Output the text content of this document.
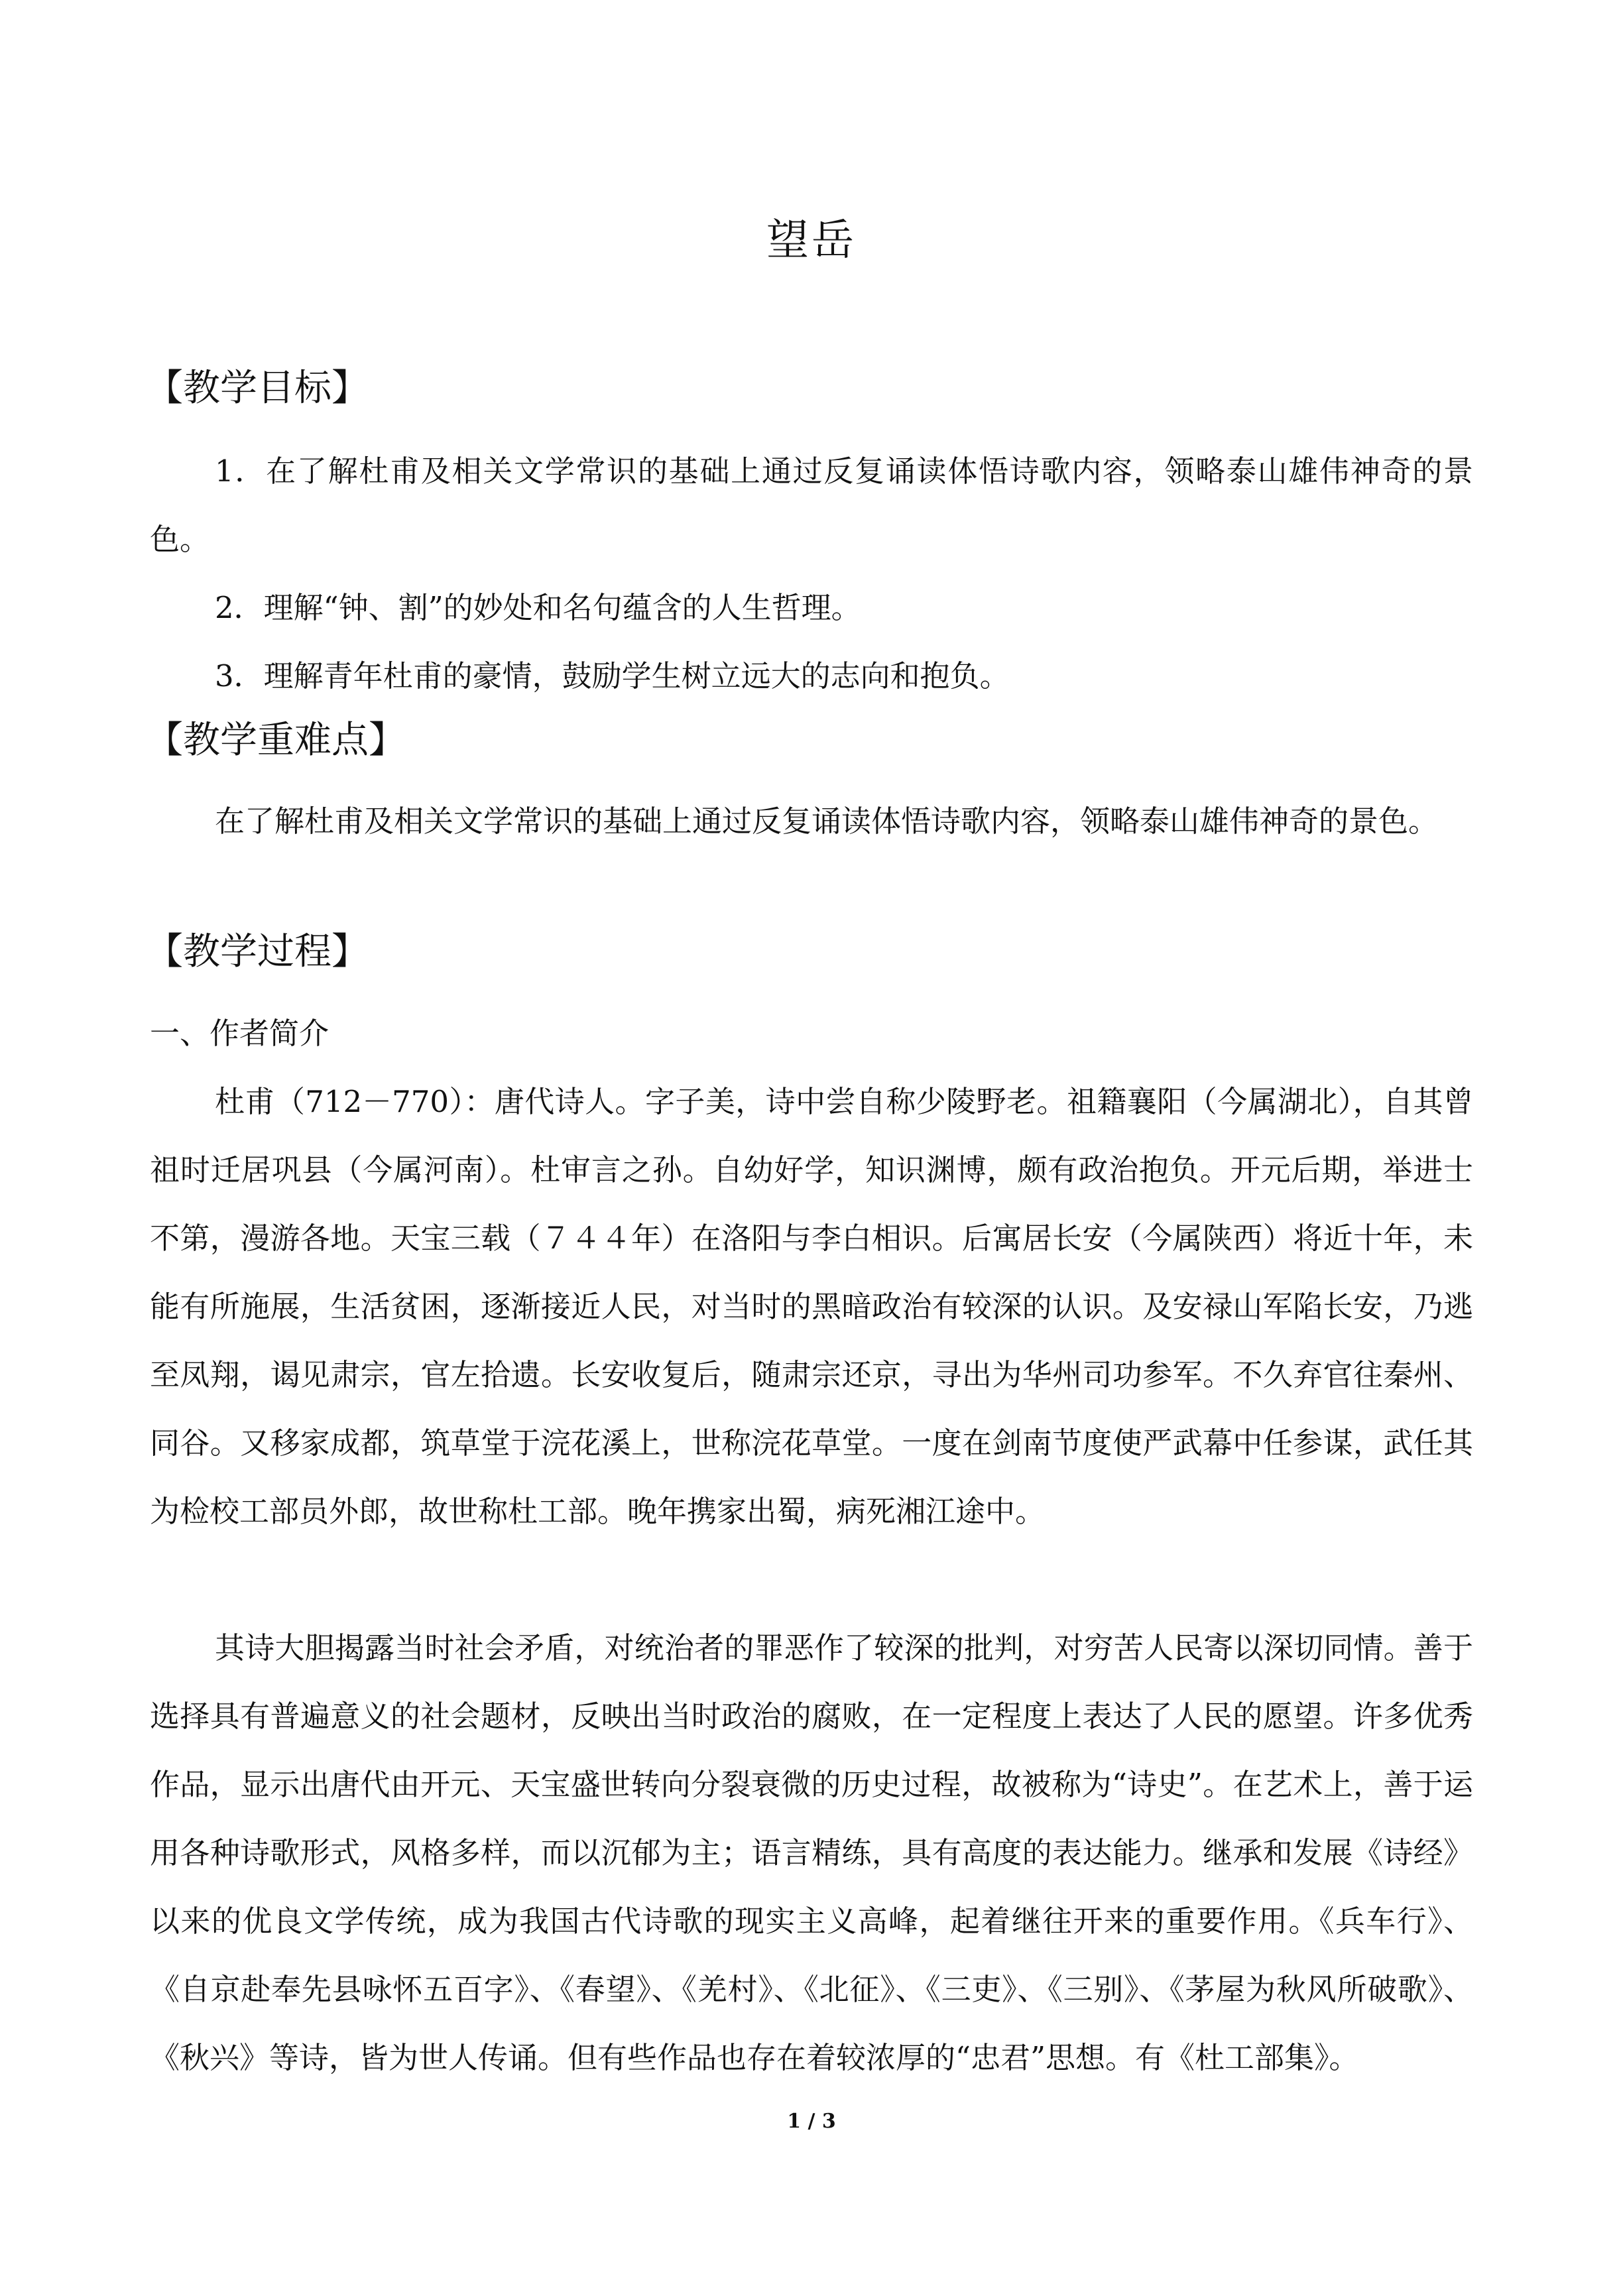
望岳
【教学目标】

1．在了解杜甫及相关文学常识的基础上通过反复诵读体悟诗歌内容，领略泰山雄伟神奇的景色。

2．理解“钟、割”的妙处和名句蕴含的人生哲理。
3．理解青年杜甫的豪情，鼓励学生树立远大的志向和抱负。
【教学重难点】

在了解杜甫及相关文学常识的基础上通过反复诵读体悟诗歌内容，领略泰山雄伟神奇的景色。

【教学过程】
一、作者简介

杜甫（712－770）：唐代诗人。字子美，诗中尝自称少陵野老。祖籍襄阳（今属湖北），自其曾祖时迁居巩县（今属河南）。杜审言之孙。自幼好学，知识渊博，颇有政治抱负。开元后期，举进士不第，漫游各地。天宝三载（７４４年）在洛阳与李白相识。后寓居长安（今属陕西）将近十年，未能有所施展，生活贫困，逐渐接近人民，对当时的黑暗政治有较深的认识。及安禄山军陷长安，乃逃至凤翔，谒见肃宗，官左拾遗。长安收复后，随肃宗还京，寻出为华州司功参军。不久弃官往秦州、同谷。又移家成都，筑草堂于浣花溪上，世称浣花草堂。一度在剑南节度使严武幕中任参谋，武任其为检校工部员外郎，故世称杜工部。晚年携家出蜀，病死湘江途中。

其诗大胆揭露当时社会矛盾，对统治者的罪恶作了较深的批判，对穷苦人民寄以深切同情。善于选择具有普遍意义的社会题材，反映出当时政治的腐败，在一定程度上表达了人民的愿望。许多优秀作品，显示出唐代由开元、天宝盛世转向分裂衰微的历史过程，故被称为“诗史”。在艺术上，善于运用各种诗歌形式，风格多样，而以沉郁为主；语言精练，具有高度的表达能力。继承和发展《诗经》以来的优良文学传统，成为我国古代诗歌的现实主义高峰，起着继往开来的重要作用。《兵车行》、《自京赴奉先县咏怀五百字》、《春望》、《羌村》、《北征》、《三吏》、《三别》、《茅屋为秋风所破歌》、《秋兴》等诗，皆为世人传诵。但有些作品也存在着较浓厚的“忠君”思想。有《杜工部集》。

1 / 3
